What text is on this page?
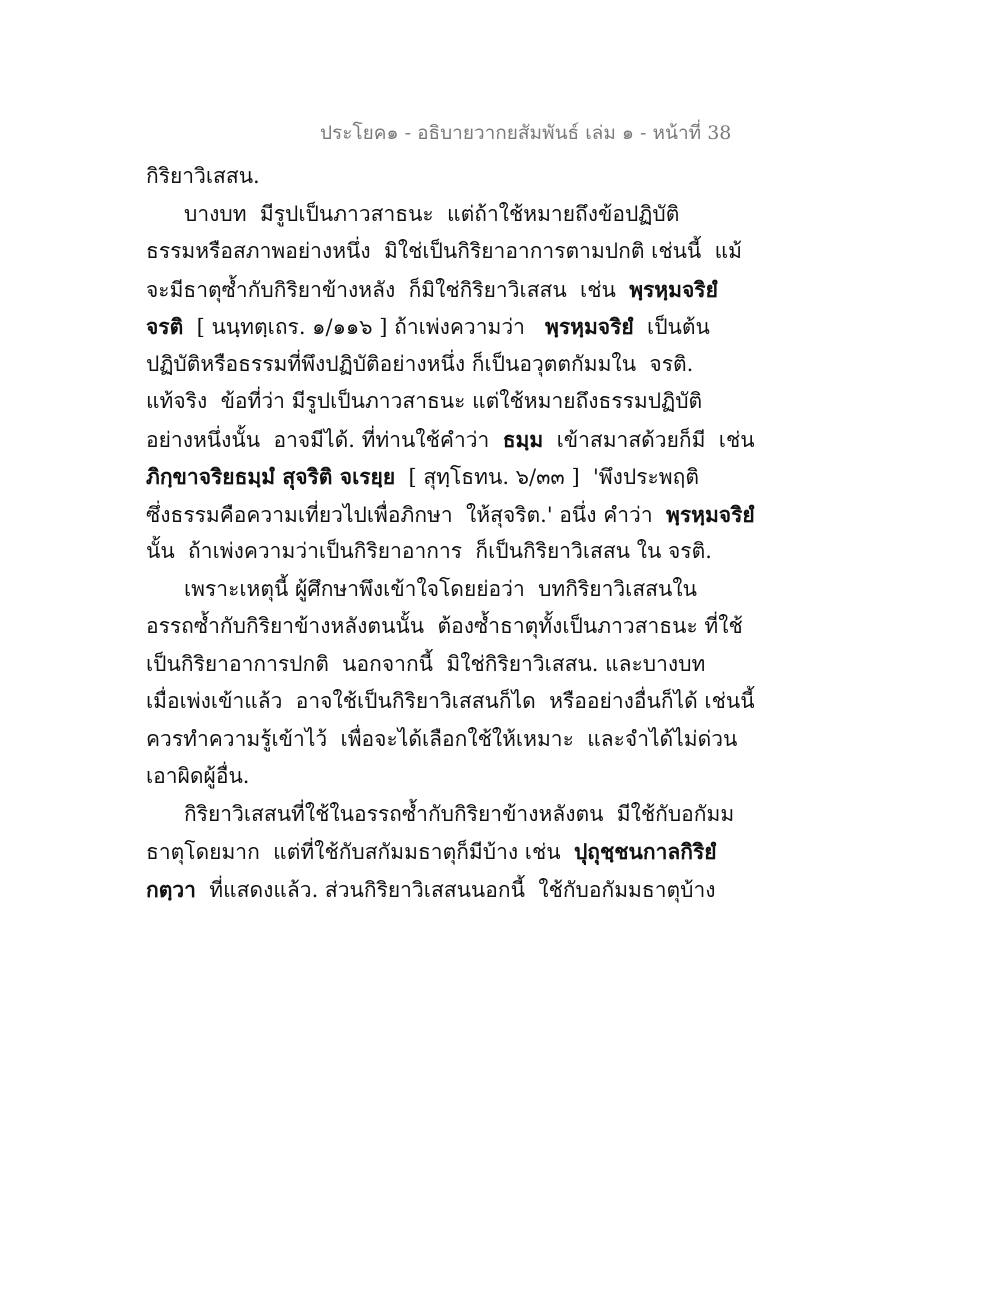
ประโยค๑ - อธิบายวากยสัมพันธ์ เล่ม ๑ - หน้าที่ 38
กิริยาวิเสสน.
บางบท  มีรูปเป็นภาวสาธนะ  แต่ถ้าใช้หมายถึงข้อปฏิบัติ
ธรรมหรือสภาพอย่างหนึ่ง  มิใช่เป็นกิริยาอาการตามปกติ เช่นนี้  แม้
จะมีธาตุซ้ำกับกิริยาข้างหลัง  ก็มิใช่กิริยาวิเสสน  เช่น  พฺรหฺมจริยํ
จรติ  [ นนฺทตฺเถร. ๑/๑๑๖ ] ถ้าเพ่งความว่า   พฺรหฺมจริยํ  เป็นต้น
ปฏิบัติหรือธรรมที่พึงปฏิบัติอย่างหนึ่ง ก็เป็นอวุตตกัมมใน  จรติ.
แท้จริง  ข้อที่ว่า มีรูปเป็นภาวสาธนะ แต่ใช้หมายถึงธรรมปฏิบัติ
อย่างหนึ่งนั้น  อาจมีได้. ที่ท่านใช้คำว่า  ธมฺม  เข้าสมาสด้วยก็มี  เช่น
ภิกฺขาจริยธมฺมํ สุจริติ จเรยฺย  [ สุทฺโธทน. ๖/๓๓ ]  'พึงประพฤติ
ซึ่งธรรมคือความเที่ยวไปเพื่อภิกษา  ให้สุจริต.' อนึ่ง คำว่า  พฺรหฺมจริยํ
นั้น  ถ้าเพ่งความว่าเป็นกิริยาอาการ  ก็เป็นกิริยาวิเสสน ใน จรติ.
เพราะเหตุนี้ ผู้ศึกษาพึงเข้าใจโดยย่อว่า  บทกิริยาวิเสสนใน
อรรถซ้ำกับกิริยาข้างหลังตนนั้น  ต้องซ้ำธาตุทั้งเป็นภาวสาธนะ ที่ใช้
เป็นกิริยาอาการปกติ  นอกจากนี้  มิใช่กิริยาวิเสสน. และบางบท
เมื่อเพ่งเข้าแล้ว  อาจใช้เป็นกิริยาวิเสสนก็ได  หรืออย่างอื่นก็ได้ เช่นนี้
ควรทำความรู้เข้าไว้  เพื่อจะได้เลือกใช้ให้เหมาะ  และจำได้ไม่ด่วน
เอาผิดผู้อื่น.
กิริยาวิเสสนที่ใช้ในอรรถซ้ำกับกิริยาข้างหลังตน  มีใช้กับอกัมม
ธาตุโดยมาก  แต่ที่ใช้กับสกัมมธาตุก็มีบ้าง เช่น  ปุถุชฺชนกาลกิริยํ
กตฺวา  ที่แสดงแล้ว. ส่วนกิริยาวิเสสนนอกนี้  ใช้กับอกัมมธาตุบ้าง
